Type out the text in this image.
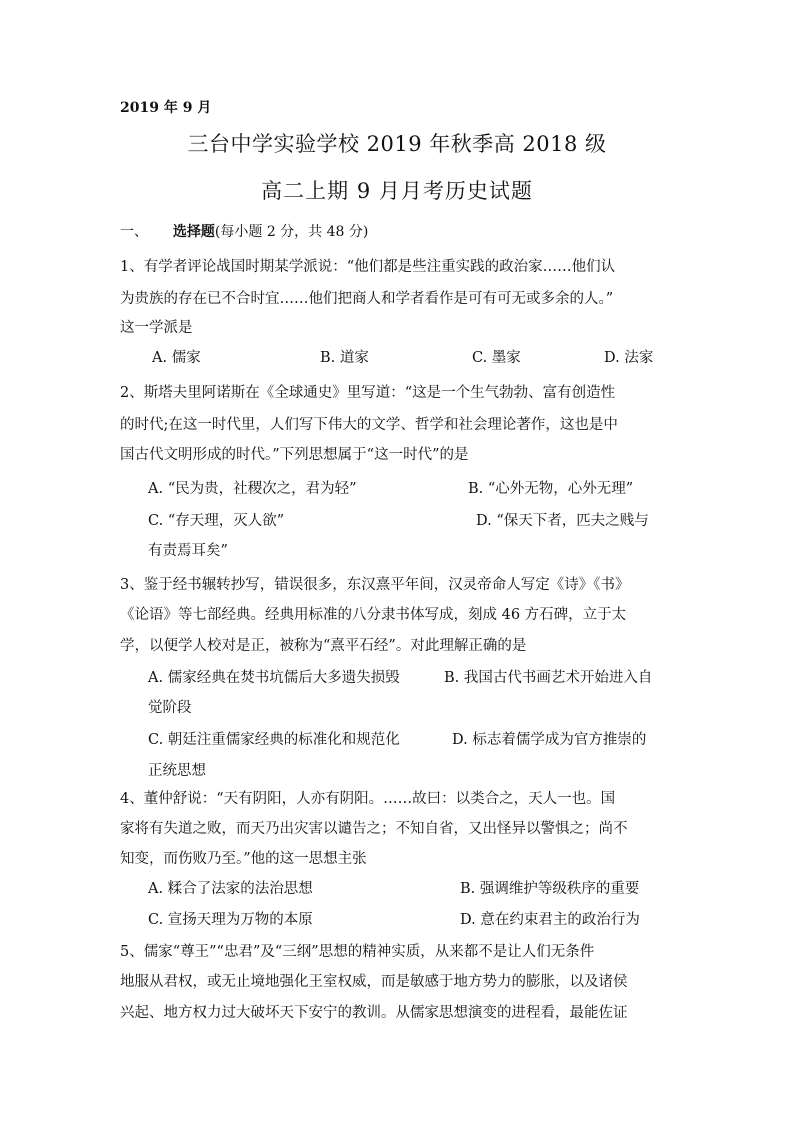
2019 年 9 月
三台中学实验学校 2019 年秋季高 2018 级
高二上期 9 月月考历史试题
一、 选择题(每小题 2 分，共 48 分)
1、有学者评论战国时期某学派说：“他们都是些注重实践的政治家……他们认
为贵族的存在已不合时宜……他们把商人和学者看作是可有可无或多余的人。”
这一学派是
A. 儒家	B. 道家	C. 墨家	D. 法家
2、斯塔夫里阿诺斯在《全球通史》里写道：“这是一个生气勃勃、富有创造性
的时代;在这一时代里，人们写下伟大的文学、哲学和社会理论著作，这也是中
国古代文明形成的时代。”下列思想属于“这一时代”的是
A. “民为贵，社稷次之，君为轻”	B. “心外无物，心外无理”
C. “存天理，灭人欲”	D. “保天下者，匹夫之贱与
有责焉耳矣”
3、鉴于经书辗转抄写，错误很多，东汉熹平年间，汉灵帝命人写定《诗》《书》
《论语》等七部经典。经典用标准的八分隶书体写成，刻成 46 方石碑，立于太
学，以便学人校对是正，被称为“熹平石经”。对此理解正确的是
A. 儒家经典在焚书坑儒后大多遗失损毁	B. 我国古代书画艺术开始进入自
觉阶段
C. 朝廷注重儒家经典的标准化和规范化	D. 标志着儒学成为官方推崇的
正统思想
4、董仲舒说：“天有阴阳，人亦有阴阳。……故曰：以类合之，天人一也。国
家将有失道之败，而天乃出灾害以谴告之；不知自省，又出怪异以警惧之；尚不
知变，而伤败乃至。”他的这一思想主张
A. 糅合了法家的法治思想	B. 强调维护等级秩序的重要
C. 宣扬天理为万物的本原	D. 意在约束君主的政治行为
5、儒家“尊王”“忠君”及“三纲”思想的精神实质，从来都不是让人们无条件
地服从君权，或无止境地强化王室权威，而是敏感于地方势力的膨胀，以及诸侯
兴起、地方权力过大破坏天下安宁的教训。从儒家思想演变的进程看，最能佐证
